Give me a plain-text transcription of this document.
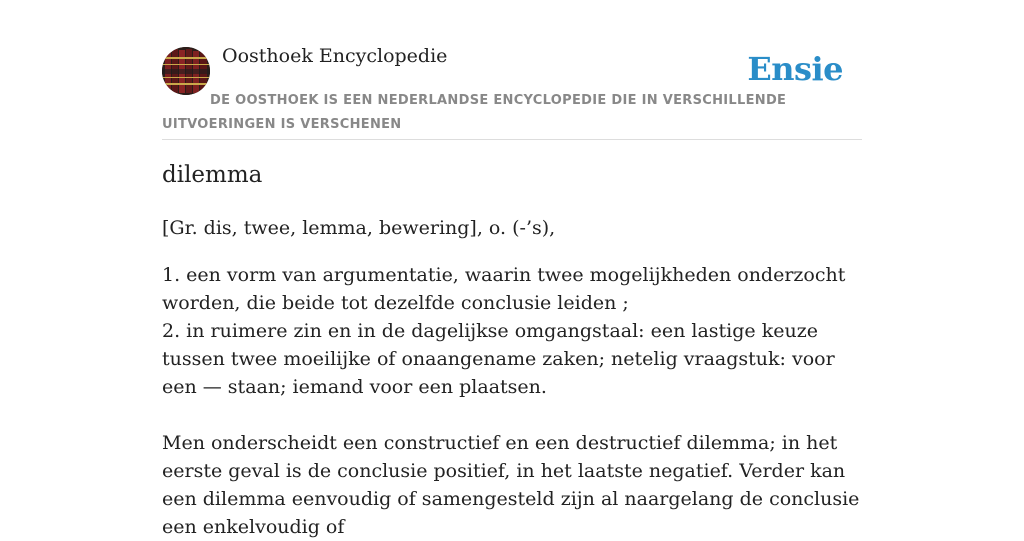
Oosthoek Encyclopedie	Ensie
DE OOSTHOEK IS EEN NEDERLANDSE ENCYCLOPEDIE DIE IN VERSCHILLENDE UITVOERINGEN IS VERSCHENEN
dilemma

[Gr. dis, twee, lemma, bewering], o. (-’s),

1. een vorm van argumentatie, waarin twee mogelijkheden onderzocht worden, die beide tot dezelfde conclusie leiden ;
2. in ruimere zin en in de dagelijkse omgangstaal: een lastige keuze tussen twee moeilijke of onaangename zaken; netelig vraagstuk: voor een — staan; iemand voor een plaatsen.
Men onderscheidt een constructief en een destructief dilemma; in het eerste geval is de conclusie positief, in het laatste negatief. Verder kan een dilemma eenvoudig of samengesteld zijn al naargelang de conclusie een enkelvoudig of
